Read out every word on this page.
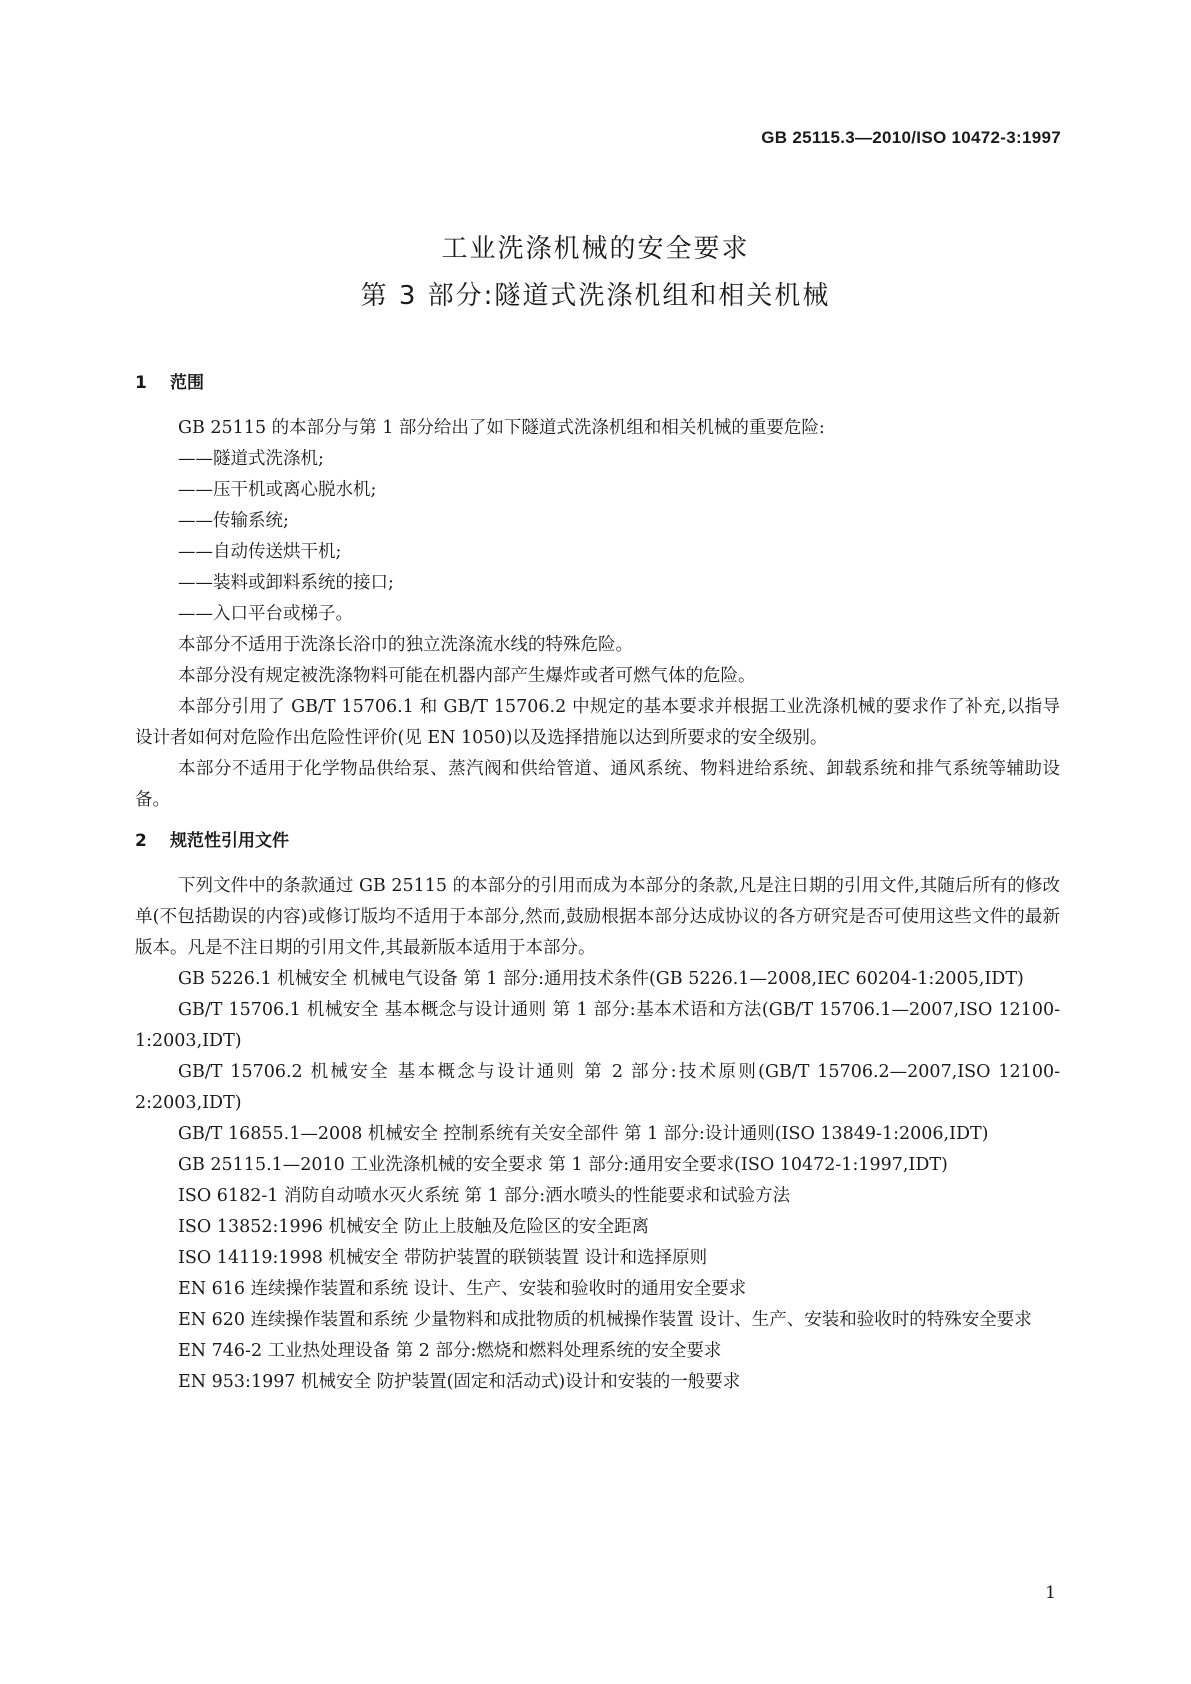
GB 25115.3—2010/ISO 10472-3:1997
工业洗涤机械的安全要求
第 3 部分:隧道式洗涤机组和相关机械
1 范围

GB 25115 的本部分与第 1 部分给出了如下隧道式洗涤机组和相关机械的重要危险:

——隧道式洗涤机;

——压干机或离心脱水机;

——传输系统;

——自动传送烘干机;

——装料或卸料系统的接口;

——入口平台或梯子。

本部分不适用于洗涤长浴巾的独立洗涤流水线的特殊危险。

本部分没有规定被洗涤物料可能在机器内部产生爆炸或者可燃气体的危险。

本部分引用了 GB/T 15706.1 和 GB/T 15706.2 中规定的基本要求并根据工业洗涤机械的要求作了补充,以指导设计者如何对危险作出危险性评价(见 EN 1050)以及选择措施以达到所要求的安全级别。

本部分不适用于化学物品供给泵、蒸汽阀和供给管道、通风系统、物料进给系统、卸载系统和排气系统等辅助设备。

2 规范性引用文件

下列文件中的条款通过 GB 25115 的本部分的引用而成为本部分的条款,凡是注日期的引用文件,其随后所有的修改单(不包括勘误的内容)或修订版均不适用于本部分,然而,鼓励根据本部分达成协议的各方研究是否可使用这些文件的最新版本。凡是不注日期的引用文件,其最新版本适用于本部分。

GB 5226.1 机械安全 机械电气设备 第 1 部分:通用技术条件(GB 5226.1—2008,IEC 60204-1:2005,IDT)

GB/T 15706.1 机械安全 基本概念与设计通则 第 1 部分:基本术语和方法(GB/T 15706.1—2007,ISO 12100-1:2003,IDT)

GB/T 15706.2 机械安全 基本概念与设计通则 第 2 部分:技术原则(GB/T 15706.2—2007,ISO 12100-2:2003,IDT)

GB/T 16855.1—2008 机械安全 控制系统有关安全部件 第 1 部分:设计通则(ISO 13849-1:2006,IDT)

GB 25115.1—2010 工业洗涤机械的安全要求 第 1 部分:通用安全要求(ISO 10472-1:1997,IDT)

ISO 6182-1 消防自动喷水灭火系统 第 1 部分:洒水喷头的性能要求和试验方法

ISO 13852:1996 机械安全 防止上肢触及危险区的安全距离

ISO 14119:1998 机械安全 带防护装置的联锁装置 设计和选择原则

EN 616 连续操作装置和系统 设计、生产、安装和验收时的通用安全要求

EN 620 连续操作装置和系统 少量物料和成批物质的机械操作装置 设计、生产、安装和验收时的特殊安全要求

EN 746-2 工业热处理设备 第 2 部分:燃烧和燃料处理系统的安全要求

EN 953:1997 机械安全 防护装置(固定和活动式)设计和安装的一般要求

1
